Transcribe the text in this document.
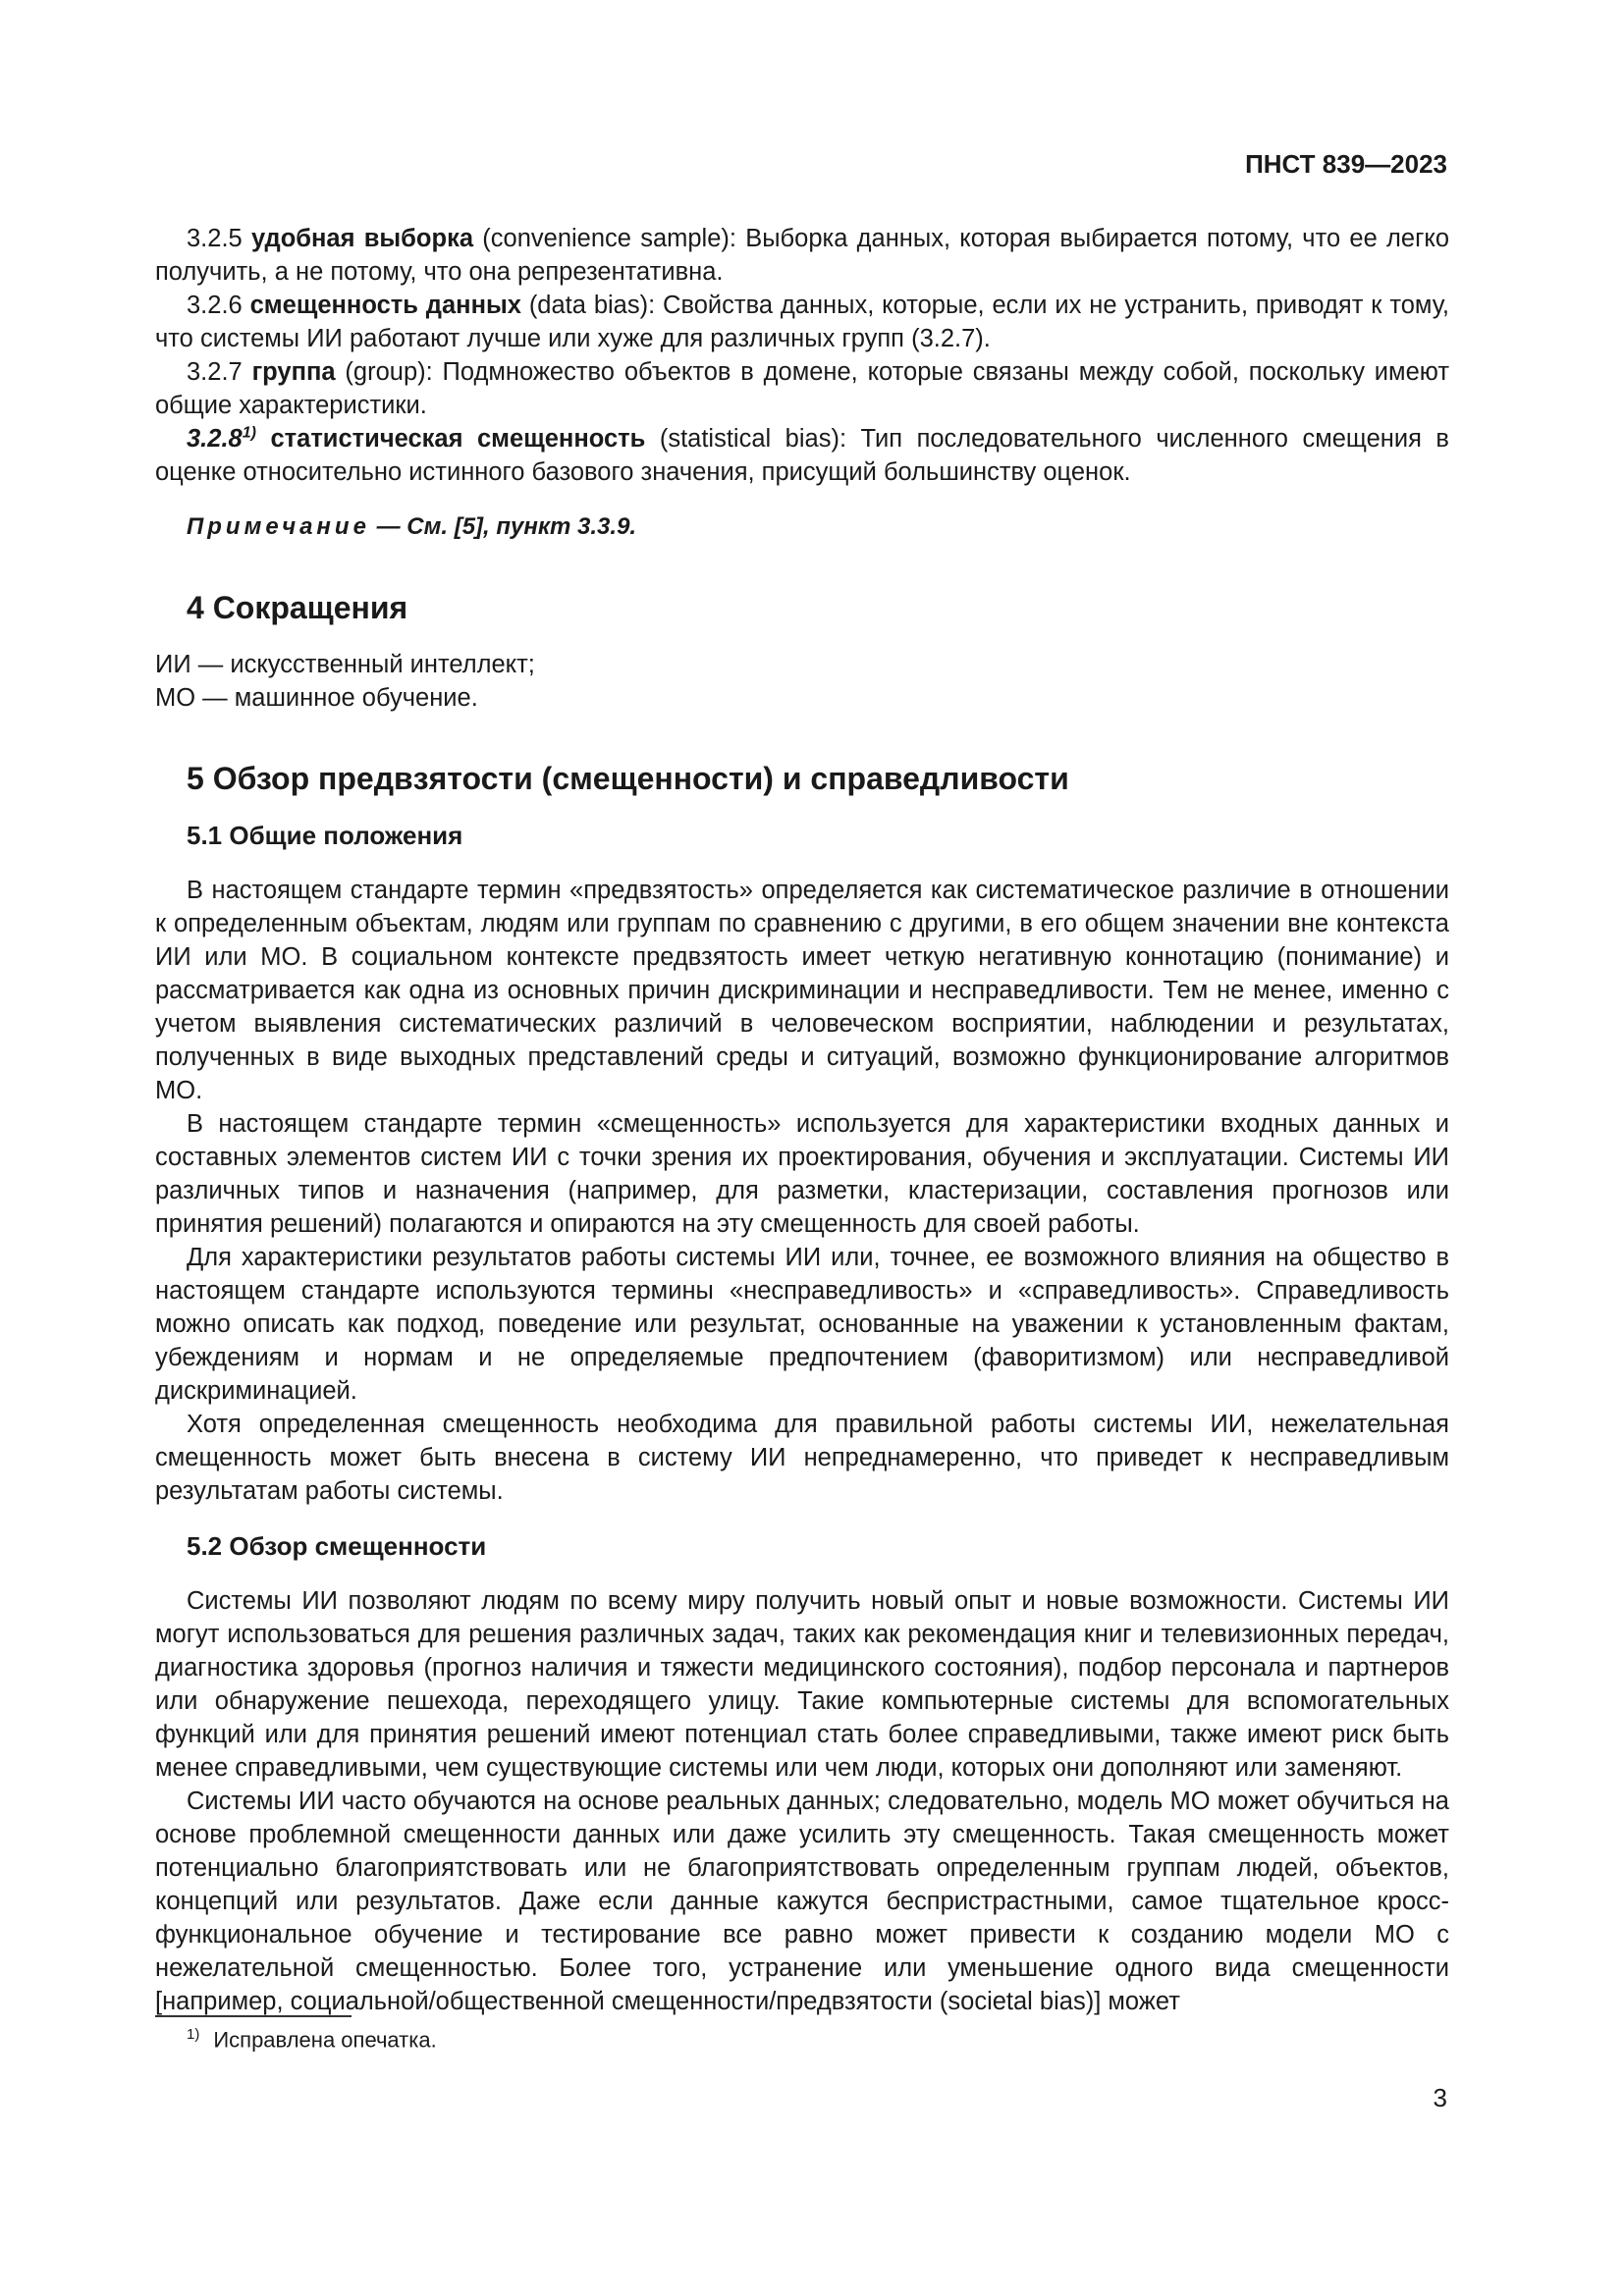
ПНСТ 839—2023

3.2.5 удобная выборка (convenience sample): Выборка данных, которая выбирается потому, что ее легко получить, а не потому, что она репрезентативна.

3.2.6 смещенность данных (data bias): Свойства данных, которые, если их не устранить, приводят к тому, что системы ИИ работают лучше или хуже для различных групп (3.2.7).

3.2.7 группа (group): Подмножество объектов в домене, которые связаны между собой, поскольку имеют общие характеристики.

3.2.8$^{1)}$ статистическая смещенность (statistical bias): Тип последовательного численного смещения в оценке относительно истинного базового значения, присущий большинству оценок.

Примечание — См. [5], пункт 3.3.9.

4 Сокращения

ИИ — искусственный интеллект;

МО — машинное обучение.

5 Обзор предвзятости (смещенности) и справедливости
5.1 Общие положения

В настоящем стандарте термин «предвзятость» определяется как систематическое различие в отношении к определенным объектам, людям или группам по сравнению с другими, в его общем значении вне контекста ИИ или МО. В социальном контексте предвзятость имеет четкую негативную коннотацию (понимание) и рассматривается как одна из основных причин дискриминации и несправедливости. Тем не менее, именно с учетом выявления систематических различий в человеческом восприятии, наблюдении и результатах, полученных в виде выходных представлений среды и ситуаций, возможно функционирование алгоритмов МО.

В настоящем стандарте термин «смещенность» используется для характеристики входных данных и составных элементов систем ИИ с точки зрения их проектирования, обучения и эксплуатации. Системы ИИ различных типов и назначения (например, для разметки, кластеризации, составления прогнозов или принятия решений) полагаются и опираются на эту смещенность для своей работы.

Для характеристики результатов работы системы ИИ или, точнее, ее возможного влияния на общество в настоящем стандарте используются термины «несправедливость» и «справедливость». Справедливость можно описать как подход, поведение или результат, основанные на уважении к установленным фактам, убеждениям и нормам и не определяемые предпочтением (фаворитизмом) или несправедливой дискриминацией.

Хотя определенная смещенность необходима для правильной работы системы ИИ, нежелательная смещенность может быть внесена в систему ИИ непреднамеренно, что приведет к несправедливым результатам работы системы.

5.2 Обзор смещенности

Системы ИИ позволяют людям по всему миру получить новый опыт и новые возможности. Системы ИИ могут использоваться для решения различных задач, таких как рекомендация книг и телевизионных передач, диагностика здоровья (прогноз наличия и тяжести медицинского состояния), подбор персонала и партнеров или обнаружение пешехода, переходящего улицу. Такие компьютерные системы для вспомогательных функций или для принятия решений имеют потенциал стать более справедливыми, также имеют риск быть менее справедливыми, чем существующие системы или чем люди, которых они дополняют или заменяют.

Системы ИИ часто обучаются на основе реальных данных; следовательно, модель МО может обучиться на основе проблемной смещенности данных или даже усилить эту смещенность. Такая смещенность может потенциально благоприятствовать или не благоприятствовать определенным группам людей, объектов, концепций или результатов. Даже если данные кажутся беспристрастными, самое тщательное кросс-функциональное обучение и тестирование все равно может привести к созданию модели МО с нежелательной смещенностью. Более того, устранение или уменьшение одного вида смещенности [например, социальной/общественной смещенности/предвзятости (societal bias)] может

$^{1)}$ Исправлена опечатка.
3
